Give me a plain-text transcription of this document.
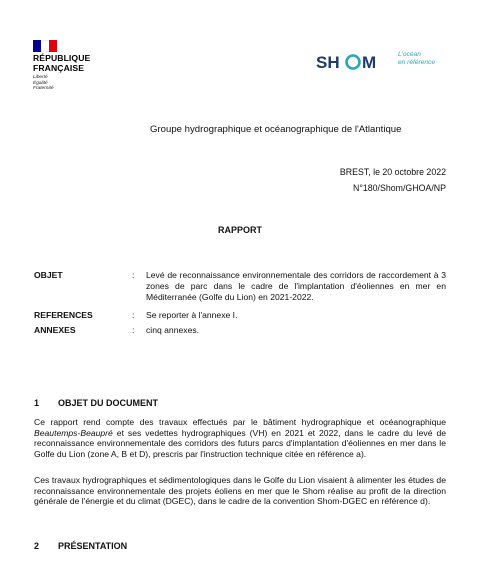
RÉPUBLIQUE
FRANÇAISE
Liberté
Égalité
Fraternité
SH M	L'océan
en référence
Groupe hydrographique et océanographique de l'Atlantique
BREST, le 20 octobre 2022
N°180/Shom/GHOA/NP
RAPPORT
OBJET	: Levé de reconnaissance environnementale des corridors de raccordement à 3 zones de parc dans le cadre de l'implantation d'éoliennes en mer en Méditerranée (Golfe du Lion) en 2021-2022.
REFERENCES	: Se reporter à l'annexe I.
ANNEXES	: cinq annexes.
1 OBJET DU DOCUMENT
Ce rapport rend compte des travaux effectués par le bâtiment hydrographique et océanographique Beautemps-Beaupré et ses vedettes hydrographiques (VH) en 2021 et 2022, dans le cadre du levé de reconnaissance environnementale des corridors des futurs parcs d'implantation d'éoliennes en mer dans le Golfe du Lion (zone A, B et D), prescris par l'instruction technique citée en référence a).
Ces travaux hydrographiques et sédimentologiques dans le Golfe du Lion visaient à alimenter les études de reconnaissance environnementale des projets éoliens en mer que le Shom réalise au profit de la direction générale de l'énergie et du climat (DGEC), dans le cadre de la convention Shom-DGEC en référence d).
2 PRÉSENTATION
